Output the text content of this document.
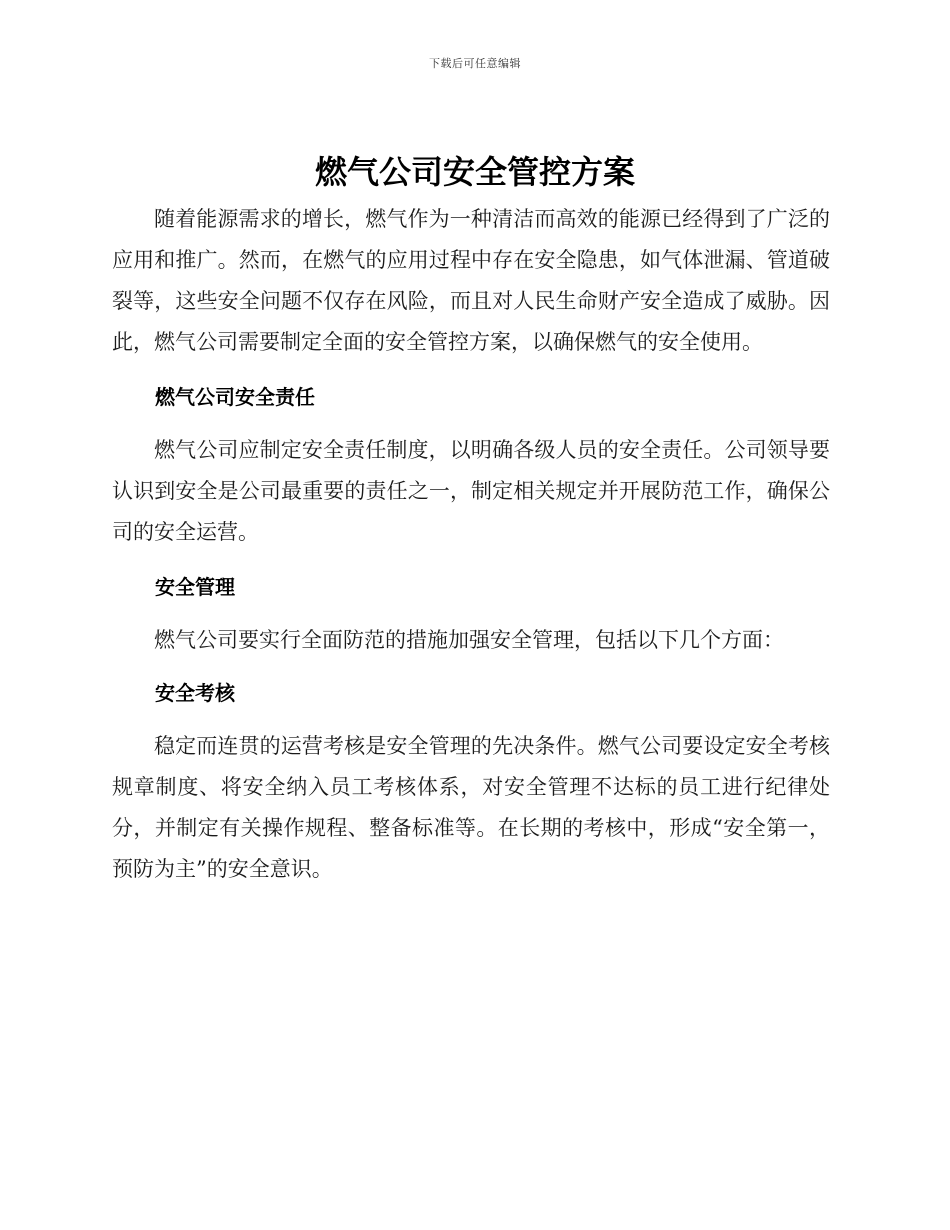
下载后可任意编辑
燃气公司安全管控方案

随着能源需求的增长，燃气作为一种清洁而高效的能源已经得到了广泛的应用和推广。然而，在燃气的应用过程中存在安全隐患，如气体泄漏、管道破裂等，这些安全问题不仅存在风险，而且对人民生命财产安全造成了威胁。因此，燃气公司需要制定全面的安全管控方案，以确保燃气的安全使用。

燃气公司安全责任

燃气公司应制定安全责任制度，以明确各级人员的安全责任。公司领导要认识到安全是公司最重要的责任之一，制定相关规定并开展防范工作，确保公司的安全运营。

安全管理

燃气公司要实行全面防范的措施加强安全管理，包括以下几个方面：

安全考核

稳定而连贯的运营考核是安全管理的先决条件。燃气公司要设定安全考核规章制度、将安全纳入员工考核体系，对安全管理不达标的员工进行纪律处分，并制定有关操作规程、整备标准等。在长期的考核中，形成“安全第一，预防为主”的安全意识。
